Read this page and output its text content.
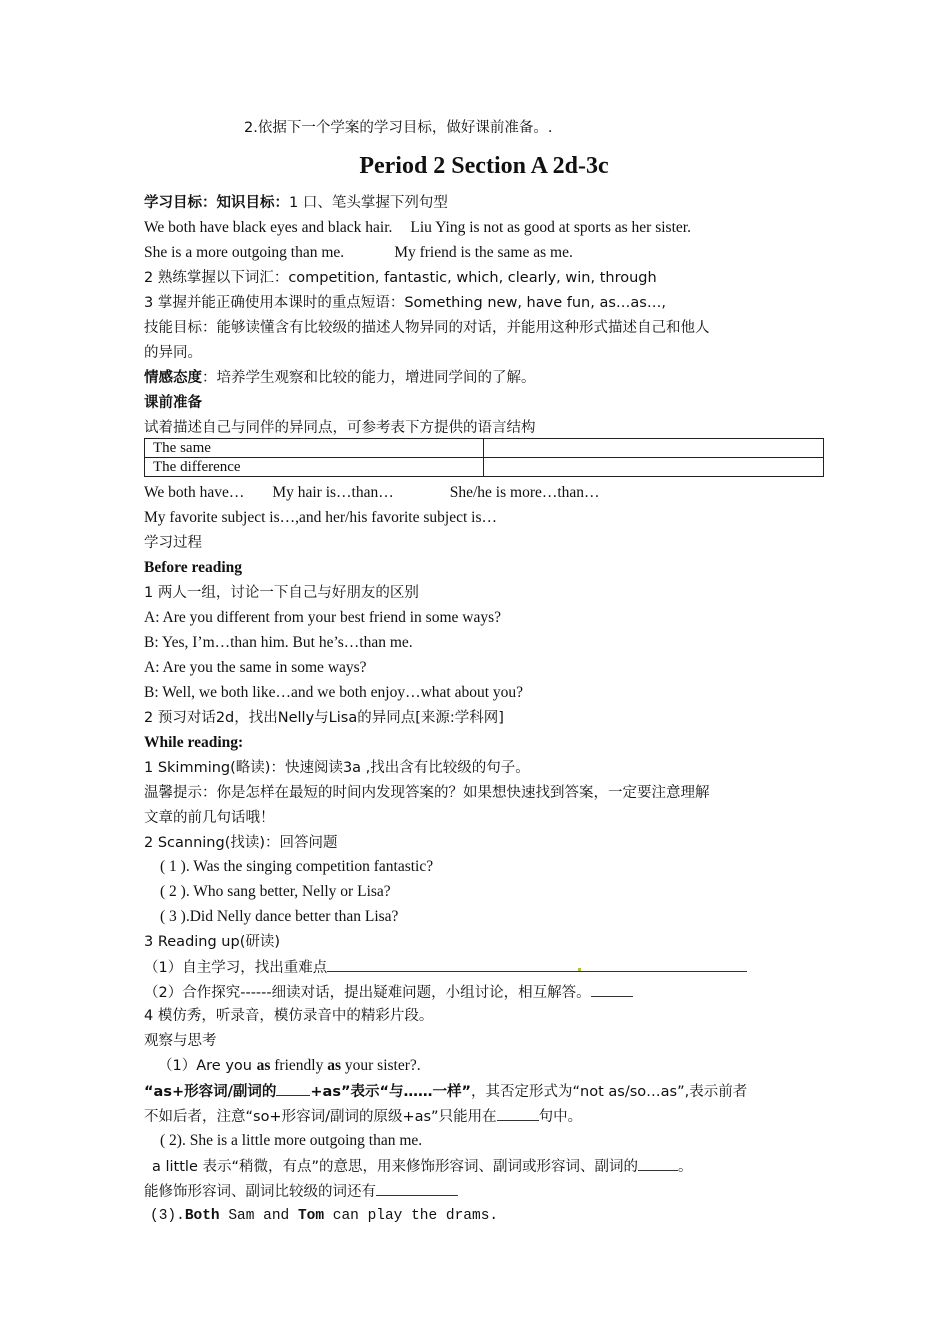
2.依据下一个学案的学习目标，做好课前准备。.
Period 2 Section A 2d-3c
学习目标：知识目标：1 口、笔头掌握下列句型
We both have black eyes and black hair. Liu Ying is not as good at sports as her sister.
She is a more outgoing than me.	My friend is the same as me.
2 熟练掌握以下词汇：competition, fantastic, which, clearly, win, through
3 掌握并能正确使用本课时的重点短语：Something new, have fun, as…as…,
技能目标：能够读懂含有比较级的描述人物异同的对话，并能用这种形式描述自己和他人
的异同。
情感态度：培养学生观察和比较的能力，增进同学间的了解。
课前准备
试着描述自己与同伴的异同点，可参考表下方提供的语言结构
The same	
The difference	
We both have… My hair is…than…	She/he is more…than…
My favorite subject is…,and her/his favorite subject is…
学习过程
Before reading
1 两人一组，讨论一下自己与好朋友的区别
A: Are you different from your best friend in some ways?
B: Yes, I’m…than him. But he’s…than me.
A: Are you the same in some ways?
B: Well, we both like…and we both enjoy…what about you?
2 预习对话2d，找出Nelly与Lisa的异同点[来源:学科网]
While reading:
1 Skimming(略读)：快速阅读3a ,找出含有比较级的句子。
温馨提示：你是怎样在最短的时间内发现答案的？如果想快速找到答案，一定要注意理解
文章的前几句话哦！
2 Scanning(找读)：回答问题
( 1 ). Was the singing competition fantastic?
( 2 ). Who sang better, Nelly or Lisa?
( 3 ).Did Nelly dance better than Lisa?
3 Reading up(研读)
（1）自主学习，找出重难点
（2）合作探究------细读对话，提出疑难问题，小组讨论，相互解答。
4 模仿秀，听录音，模仿录音中的精彩片段。
观察与思考
（1）Are you as friendly as your sister?.
“as+形容词/副词的 +as”表示“与……一样”，其否定形式为“not as/so…as”,表示前者
不如后者，注意“so+形容词/副词的原级+as”只能用在	句中。
( 2). She is a little more outgoing than me.
a little 表示“稍微，有点”的意思，用来修饰形容词、副词或形容词、副词的	。
能修饰形容词、副词比较级的词还有
(3).Both Sam and Tom can play the drams.
